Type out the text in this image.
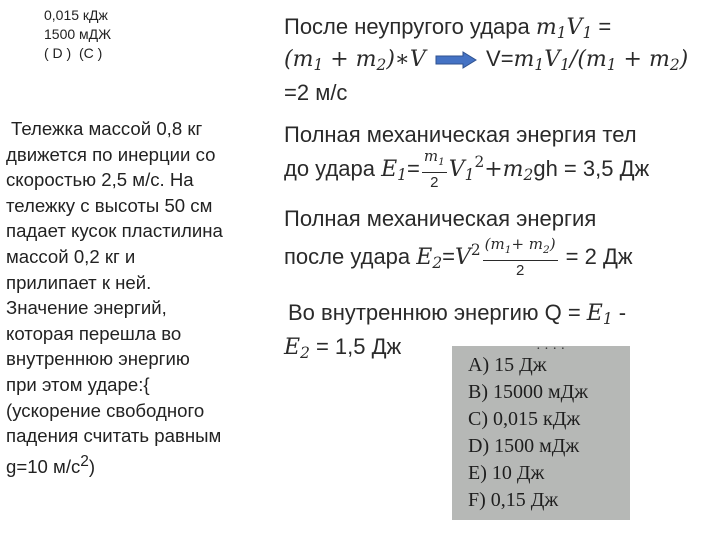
0,015 кДж
1500 мДЖ
( D )  (C )
Тележка массой 0,8 кг
движется по инерции со
скоростью 2,5 м/с. На
тележку с высоты 50 см
падает кусок пластилина
массой 0,2 кг и
прилипает к ней.
Значение энергий,
которая перешла во
внутреннюю энергию
при этом ударе:{
(ускорение свободного
падения считать равным
g=10 $м/с^2$)
После неупругого удара $m_1V_1$ =
($m_1$ + $m_2)∗V$	$V=m_1V_1/(m_1 + m_2)$
=2 м/с
Полная механическая энергия тел
до удара $E_1= \frac{m_1}{2} V_1^2+m_2gh = 3,5$ Дж
Полная механическая энергия
после удара $E_2=V^2 \frac{(m_1+ m_2)}{2} = 2$ Дж
Во внутреннюю энергию $Q = E_1$ -
$E_2 = 1,5$ Дж	· · · ·
A) 15 Дж
B) 15000 мДж
C) 0,015 кДж
D) 1500 мДж
E) 10 Дж
F) 0,15 Дж
